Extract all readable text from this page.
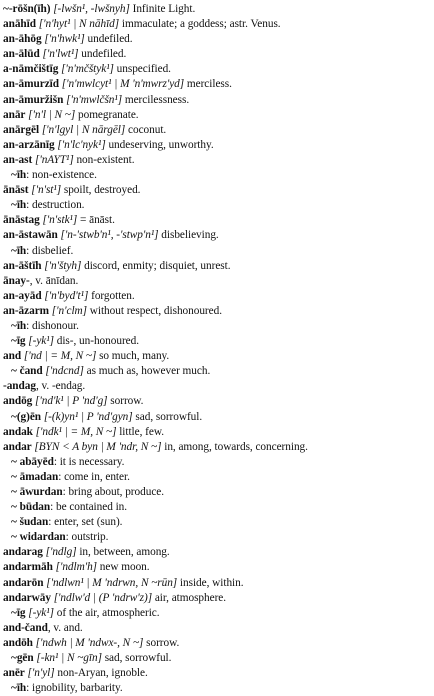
~-rōšn(īh) [-lwšn¹, -lwšnyh] Infinite Light.
anāhīd ['n'hyt¹ | N nāhīd] immaculate; a goddess; astr. Venus.
an-āhōg ['n'hwk¹] undefiled.
an-ālūd ['n'lwt¹] undefiled.
a-nāmčištīg ['n'mčštyk¹] unspecified.
an-āmurzīd ['n'mwlcyt¹ | M 'n'mwrz'yd] merciless.
an-āmuržišn ['n'mwlčšn¹] mercilessness.
anār ['n'l | N ~] pomegranate.
anārgēl ['n'lgyl | N nārgēl] coconut.
an-arzānīg ['n'lc'nyk¹] undeserving, unworthy.
an-ast ['nAYT¹] non-existent.
~īh: non-existence.
ānāst ['n'st¹] spoilt, destroyed.
~īh: destruction.
ānāstag ['n'stk¹] = ānāst.
an-āstawān ['n-'stwb'n¹, -'stwp'n¹] disbelieving.
~īh: disbelief.
an-āštīh ['n'štyh] discord, enmity; disquiet, unrest.
ānay-, v. ānīdan.
an-ayād ['n'byd't¹] forgotten.
an-āzarm ['n'clm] without respect, dishonoured.
~īh: dishonour.
~īg [-yk¹] dis-, un-honoured.
and ['nd | = M, N ~] so much, many.
~ čand ['ndcnd] as much as, however much.
-andag, v. -endag.
andōg ['nd'k¹ | P 'nd'g] sorrow.
~(g)ēn [-(k)yn¹ | P 'nd'gyn] sad, sorrowful.
andak ['ndk¹ | = M, N ~] little, few.
andar [BYN < A byn | M 'ndr, N ~] in, among, towards, concerning.
~ abāyēd: it is necessary.
~ āmadan: come in, enter.
~ āwurdan: bring about, produce.
~ būdan: be contained in.
~ šudan: enter, set (sun).
~ widardan: outstrip.
andarag ['ndlg] in, between, among.
andarmāh ['ndlm'h] new moon.
andarōn ['ndlwn¹ | M 'ndrwn, N ~rūn] inside, within.
andarwāy ['ndlw'd | (P 'ndrw'z)] air, atmosphere.
~īg [-yk¹] of the air, atmospheric.
and-čand, v. and.
andōh ['ndwh | M 'ndwx-, N ~] sorrow.
~gēn [-kn¹ | N ~gīn] sad, sorrowful.
anēr ['n'yl] non-Aryan, ignoble.
~īh: ignobility, barbarity.
